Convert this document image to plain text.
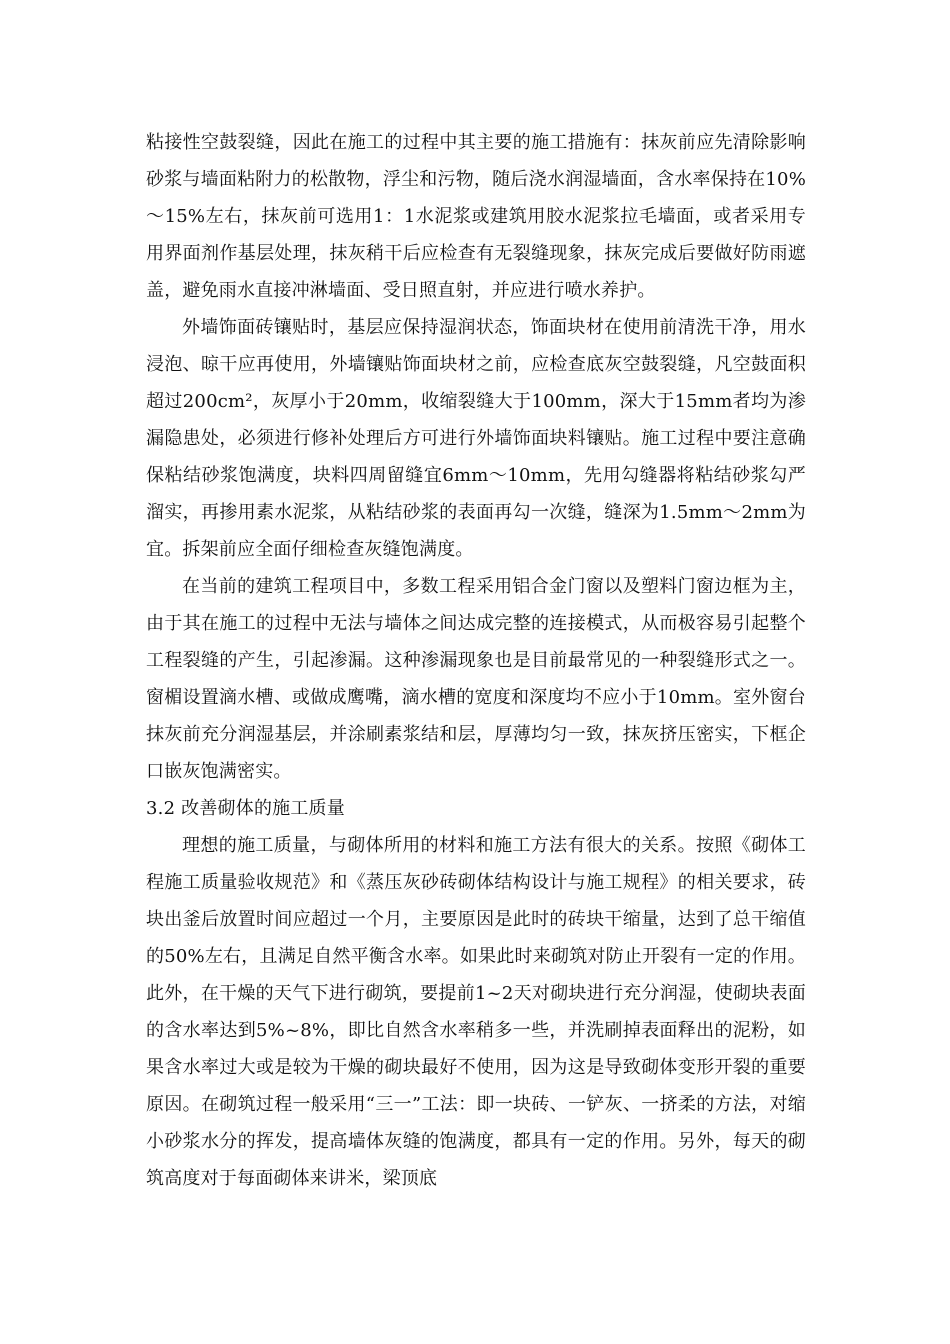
粘接性空鼓裂缝，因此在施工的过程中其主要的施工措施有：抹灰前应先清除影响砂浆与墙面粘附力的松散物，浮尘和污物，随后浇水润湿墙面，含水率保持在10%～15%左右，抹灰前可选用1：1水泥浆或建筑用胶水泥浆拉毛墙面，或者采用专用界面剂作基层处理，抹灰稍干后应检查有无裂缝现象，抹灰完成后要做好防雨遮盖，避免雨水直接冲淋墙面、受日照直射，并应进行喷水养护。

外墙饰面砖镶贴时，基层应保持湿润状态，饰面块材在使用前清洗干净，用水浸泡、晾干应再使用，外墙镶贴饰面块材之前，应检查底灰空鼓裂缝，凡空鼓面积超过200cm²，灰厚小于20mm，收缩裂缝大于100mm，深大于15mm者均为渗漏隐患处，必须进行修补处理后方可进行外墙饰面块料镶贴。施工过程中要注意确保粘结砂浆饱满度，块料四周留缝宜6mm～10mm，先用勾缝器将粘结砂浆勾严溜实，再掺用素水泥浆，从粘结砂浆的表面再勾一次缝，缝深为1.5mm～2mm为宜。拆架前应全面仔细检查灰缝饱满度。

在当前的建筑工程项目中，多数工程采用铝合金门窗以及塑料门窗边框为主，由于其在施工的过程中无法与墙体之间达成完整的连接模式，从而极容易引起整个工程裂缝的产生，引起渗漏。这种渗漏现象也是目前最常见的一种裂缝形式之一。窗楣设置滴水槽、或做成鹰嘴，滴水槽的宽度和深度均不应小于10mm。室外窗台抹灰前充分润湿基层，并涂刷素浆结和层，厚薄均匀一致，抹灰挤压密实，下框企口嵌灰饱满密实。

3.2 改善砌体的施工质量

理想的施工质量，与砌体所用的材料和施工方法有很大的关系。按照《砌体工程施工质量验收规范》和《蒸压灰砂砖砌体结构设计与施工规程》的相关要求，砖块出釜后放置时间应超过一个月，主要原因是此时的砖块干缩量，达到了总干缩值的50%左右，且满足自然平衡含水率。如果此时来砌筑对防止开裂有一定的作用。此外，在干燥的天气下进行砌筑，要提前1~2天对砌块进行充分润湿，使砌块表面的含水率达到5%~8%，即比自然含水率稍多一些，并洗刷掉表面释出的泥粉，如果含水率过大或是较为干燥的砌块最好不使用，因为这是导致砌体变形开裂的重要原因。在砌筑过程一般采用“三一”工法：即一块砖、一铲灰、一挤柔的方法，对缩小砂浆水分的挥发，提高墙体灰缝的饱满度，都具有一定的作用。另外，每天的砌筑高度对于每面砌体来讲米，梁顶底
